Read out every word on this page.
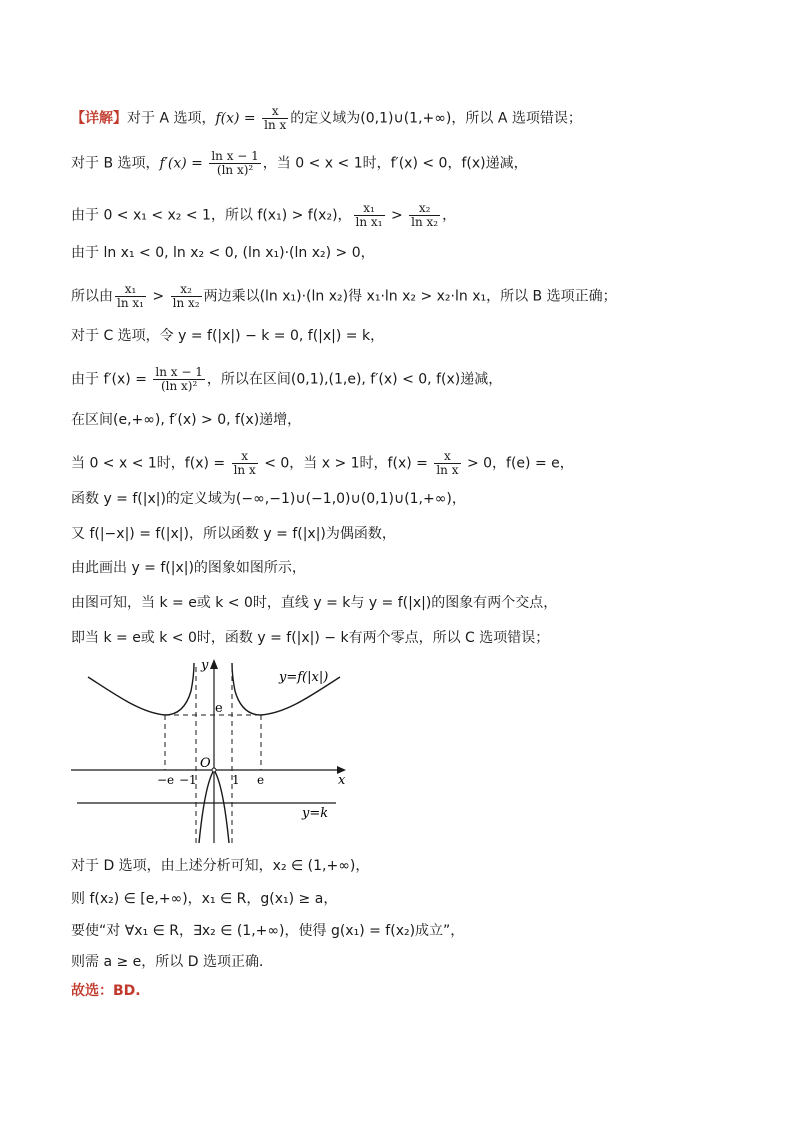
【详解】对于 A 选项，$f(x) = \frac{x}{\text{ln x}}$ 的定义域为(0,1)∪(1,+∞)，所以 A 选项错误；
对于 B 选项，$f'(x) = \frac{\text{ln x − 1}}{\text{(ln x)²}}$ ，当 0 < x < 1时，f′(x) < 0，f(x)递减，
由于 0 < x₁ < x₂ < 1，所以 f(x₁) > f(x₂)， $\frac{\text{x₁}}{\text{ln x₁}} > \frac{\text{x₂}}{\text{ln x₂}}$ ，
由于 ln x₁ < 0, ln x₂ < 0, (ln x₁)·(ln x₂) > 0，
所以由 $\frac{\text{x₁}}{\text{ln x₁}} > \frac{\text{x₂}}{\text{ln x₂}}$ 两边乘以(ln x₁)·(ln x₂)得 x₁·ln x₂ > x₂·ln x₁，所以 B 选项正确；
对于 C 选项，令 y = f(|x|) − k = 0, f(|x|) = k，
由于 $f'(x) = \frac{\text{ln x − 1}}{\text{(ln x)²}}$ ，所以在区间(0,1),(1,e), f′(x) < 0, f(x)递减，
在区间(e,+∞), f′(x) > 0, f(x)递增，
当 0 < x < 1时，$f(x) = \frac{x}{\text{ln x}} < 0$，当 x > 1时，$f(x) = \frac{x}{\text{ln x}} > 0$，f(e) = e，
函数 y = f(|x|)的定义域为(−∞,−1)∪(−1,0)∪(0,1)∪(1,+∞)，
又 f(|−x|) = f(|x|)，所以函数 y = f(|x|)为偶函数，
由此画出 y = f(|x|)的图象如图所示，
由图可知，当 k = e或 k < 0时，直线 y = k与 y = f(|x|)的图象有两个交点，
即当 k = e或 k < 0时，函数 y = f(|x|) − k有两个零点，所以 C 选项错误；
y
x
O
y=f(|x|)
e
−e −1	1 e
y=k
对于 D 选项，由上述分析可知，x₂ ∈ (1,+∞)，
则 f(x₂) ∈ [e,+∞)，x₁ ∈ R，g(x₁) ≥ a，
要使“对 ∀x₁ ∈ R，∃x₂ ∈ (1,+∞)，使得 g(x₁) = f(x₂)成立”，
则需 a ≥ e，所以 D 选项正确．
故选：BD.
